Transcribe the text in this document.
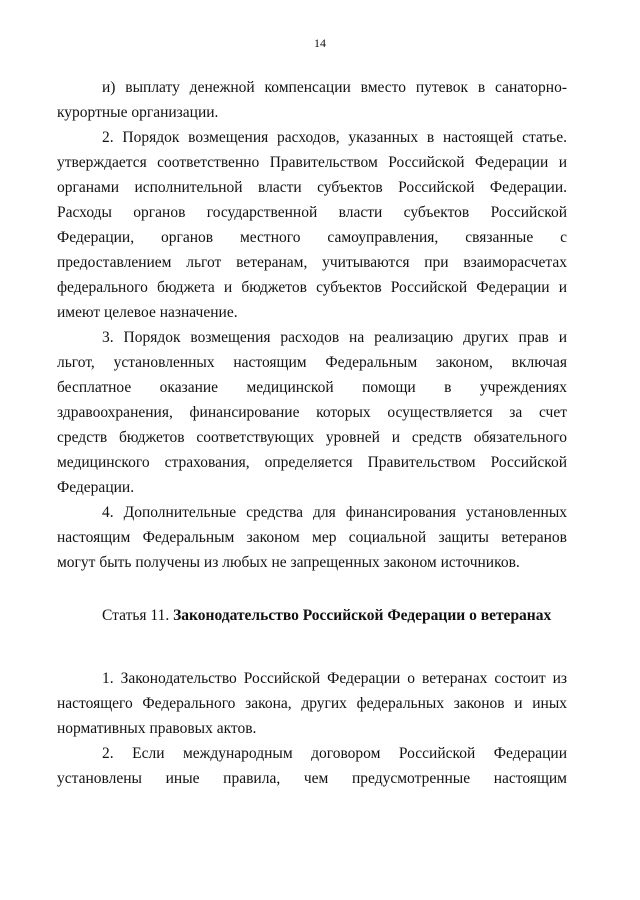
14
и) выплату денежной компенсации вместо путевок в санаторно-
курортные организации.
2. Порядок возмещения расходов, указанных в настоящей статье.
утверждается соответственно Правительством Российской Федерации и
органами исполнительной власти субъектов Российской Федерации.
Расходы органов государственной власти субъектов Российской
Федерации, органов местного самоуправления, связанные с
предоставлением льгот ветеранам, учитываются при взаиморасчетах
федерального бюджета и бюджетов субъектов Российской Федерации и
имеют целевое назначение.
3. Порядок возмещения расходов на реализацию других прав и
льгот, установленных настоящим Федеральным законом, включая
бесплатное оказание медицинской помощи в учреждениях
здравоохранения, финансирование которых осуществляется за счет
средств бюджетов соответствующих уровней и средств обязательного
медицинского страхования, определяется Правительством Российской
Федерации.
4. Дополнительные средства для финансирования установленных
настоящим Федеральным законом мер социальной защиты ветеранов
могут быть получены из любых не запрещенных законом источников.
Статья 11. Законодательство Российской Федерации о ветеранах
1. Законодательство Российской Федерации о ветеранах состоит из
настоящего Федерального закона, других федеральных законов и иных
нормативных правовых актов.
2. Если международным договором Российской Федерации
установлены иные правила, чем предусмотренные настоящим
